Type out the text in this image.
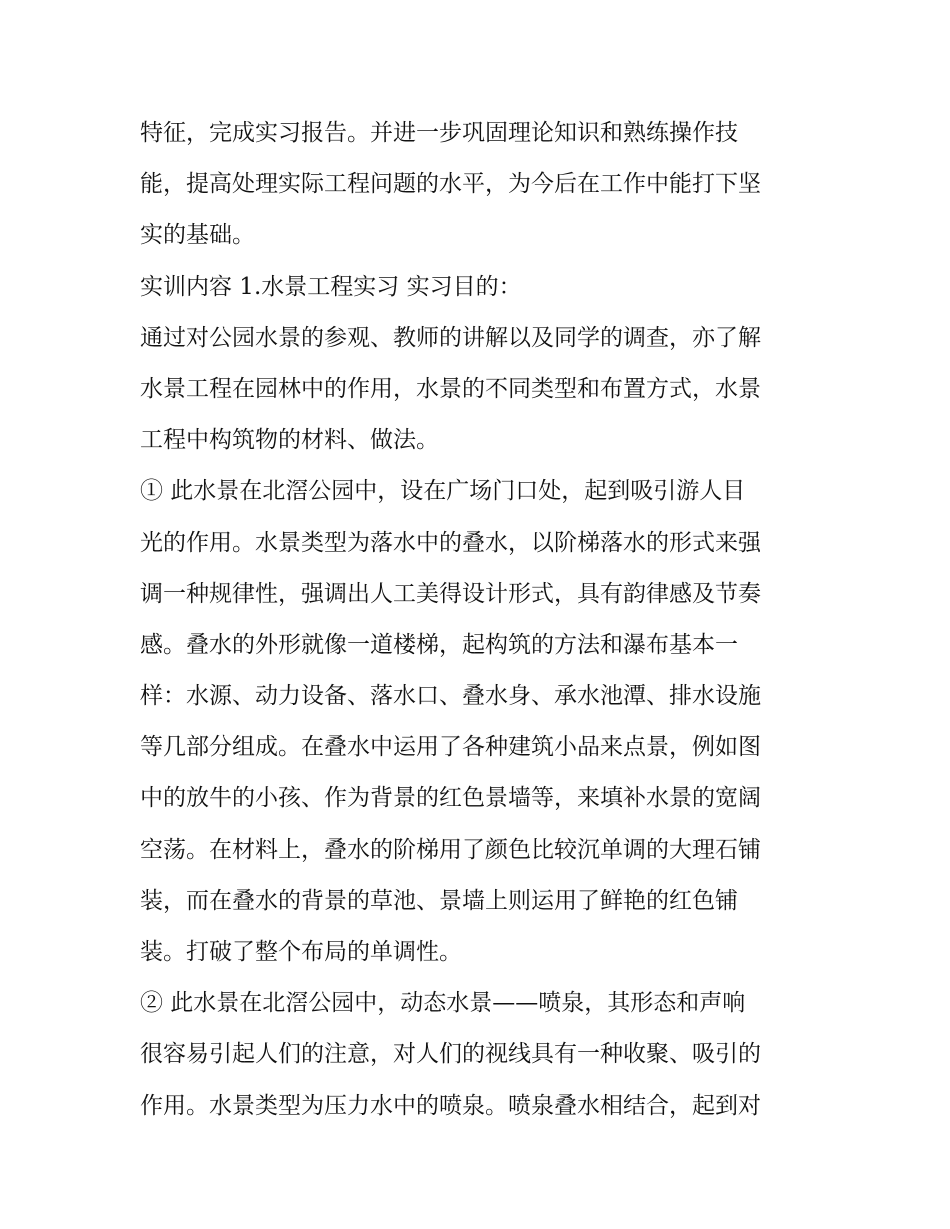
特征，完成实习报告。并进一步巩固理论知识和熟练操作技
能，提高处理实际工程问题的水平，为今后在工作中能打下坚
实的基础。
实训内容 1.水景工程实习 实习目的：
通过对公园水景的参观、教师的讲解以及同学的调查，亦了解
水景工程在园林中的作用，水景的不同类型和布置方式，水景
工程中构筑物的材料、做法。
① 此水景在北滘公园中，设在广场门口处，起到吸引游人目
光的作用。水景类型为落水中的叠水，以阶梯落水的形式来强
调一种规律性，强调出人工美得设计形式，具有韵律感及节奏
感。叠水的外形就像一道楼梯，起构筑的方法和瀑布基本一
样：水源、动力设备、落水口、叠水身、承水池潭、排水设施
等几部分组成。在叠水中运用了各种建筑小品来点景，例如图
中的放牛的小孩、作为背景的红色景墙等，来填补水景的宽阔
空荡。在材料上，叠水的阶梯用了颜色比较沉单调的大理石铺
装，而在叠水的背景的草池、景墙上则运用了鲜艳的红色铺
装。打破了整个布局的单调性。
② 此水景在北滘公园中，动态水景——喷泉，其形态和声响
很容易引起人们的注意，对人们的视线具有一种收聚、吸引的
作用。水景类型为压力水中的喷泉。喷泉叠水相结合，起到对
